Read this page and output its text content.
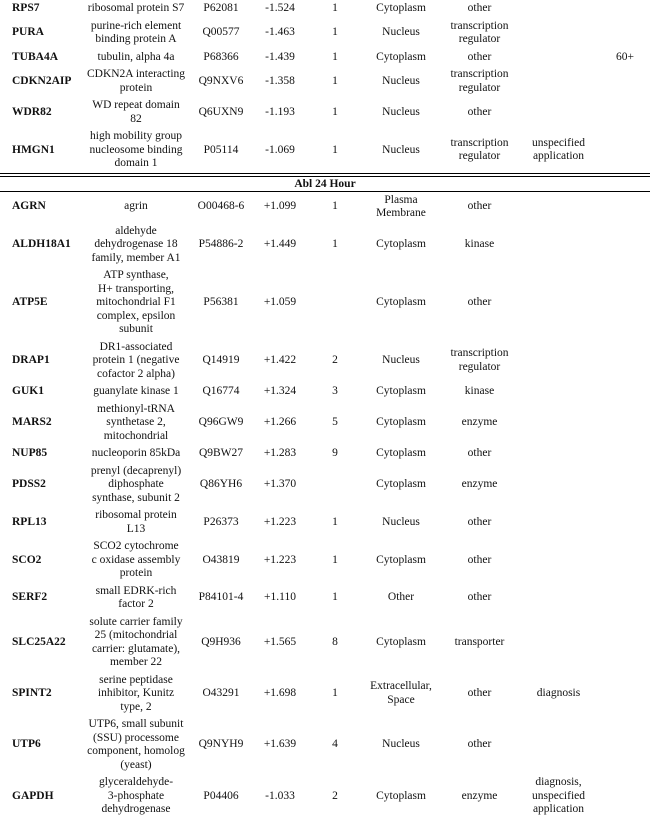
RPS7	ribosomal protein S7	P62081	-1.524	1	Cytoplasm	other		
PURA	purine-rich element
binding protein A	Q00577	-1.463	1	Nucleus	transcription
regulator		
TUBA4A	tubulin, alpha 4a	P68366	-1.439	1	Cytoplasm	other		60+
CDKN2AIP	CDKN2A interacting
protein	Q9NXV6	-1.358	1	Nucleus	transcription
regulator		
WDR82	WD repeat domain
82	Q6UXN9	-1.193	1	Nucleus	other		
HMGN1	high mobility group
nucleosome binding
domain 1	P05114	-1.069	1	Nucleus	transcription
regulator	unspecified
application	
Abl 24 Hour								
AGRN	agrin	O00468-6	+1.099	1	Plasma
Membrane	other		
ALDH18A1	aldehyde
dehydrogenase 18
family, member A1	P54886-2	+1.449	1	Cytoplasm	kinase		
ATP5E	ATP synthase,
H+ transporting,
mitochondrial F1
complex, epsilon
subunit	P56381	+1.059		Cytoplasm	other		
DRAP1	DR1-associated
protein 1 (negative
cofactor 2 alpha)	Q14919	+1.422	2	Nucleus	transcription
regulator		
GUK1	guanylate kinase 1	Q16774	+1.324	3	Cytoplasm	kinase		
MARS2	methionyl-tRNA
synthetase 2,
mitochondrial	Q96GW9	+1.266	5	Cytoplasm	enzyme		
NUP85	nucleoporin 85kDa	Q9BW27	+1.283	9	Cytoplasm	other		
PDSS2	prenyl (decaprenyl)
diphosphate
synthase, subunit 2	Q86YH6	+1.370		Cytoplasm	enzyme		
RPL13	ribosomal protein
L13	P26373	+1.223	1	Nucleus	other		
SCO2	SCO2 cytochrome
c oxidase assembly
protein	O43819	+1.223	1	Cytoplasm	other		
SERF2	small EDRK-rich
factor 2	P84101-4	+1.110	1	Other	other		
SLC25A22	solute carrier family
25 (mitochondrial
carrier: glutamate),
member 22	Q9H936	+1.565	8	Cytoplasm	transporter		
SPINT2	serine peptidase
inhibitor, Kunitz
type, 2	O43291	+1.698	1	Extracellular,
Space	other	diagnosis	
UTP6	UTP6, small subunit
(SSU) processome
component, homolog
(yeast)	Q9NYH9	+1.639	4	Nucleus	other		
GAPDH	glyceraldehyde-
3-phosphate
dehydrogenase	P04406	-1.033	2	Cytoplasm	enzyme	diagnosis,
unspecified
application	
